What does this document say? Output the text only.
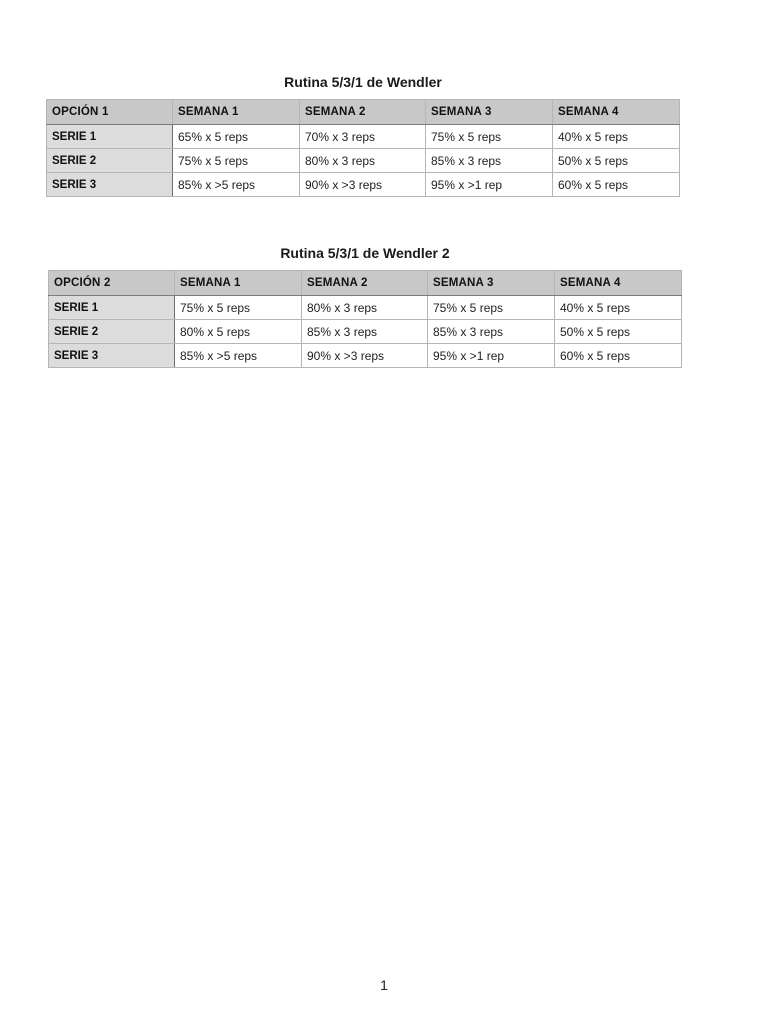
Rutina 5/3/1 de Wendler
OPCIÓN 1	SEMANA 1	SEMANA 2	SEMANA 3	SEMANA 4
SERIE 1	65% x 5 reps	70% x 3 reps	75% x 5 reps	40% x 5 reps
SERIE 2	75% x 5 reps	80% x 3 reps	85% x 3 reps	50% x 5 reps
SERIE 3	85% x >5 reps	90% x >3 reps	95% x >1 rep	60% x 5 reps
Rutina 5/3/1 de Wendler 2
OPCIÓN 2	SEMANA 1	SEMANA 2	SEMANA 3	SEMANA 4
SERIE 1	75% x 5 reps	80% x 3 reps	75% x 5 reps	40% x 5 reps
SERIE 2	80% x 5 reps	85% x 3 reps	85% x 3 reps	50% x 5 reps
SERIE 3	85% x >5 reps	90% x >3 reps	95% x >1 rep	60% x 5 reps
1
